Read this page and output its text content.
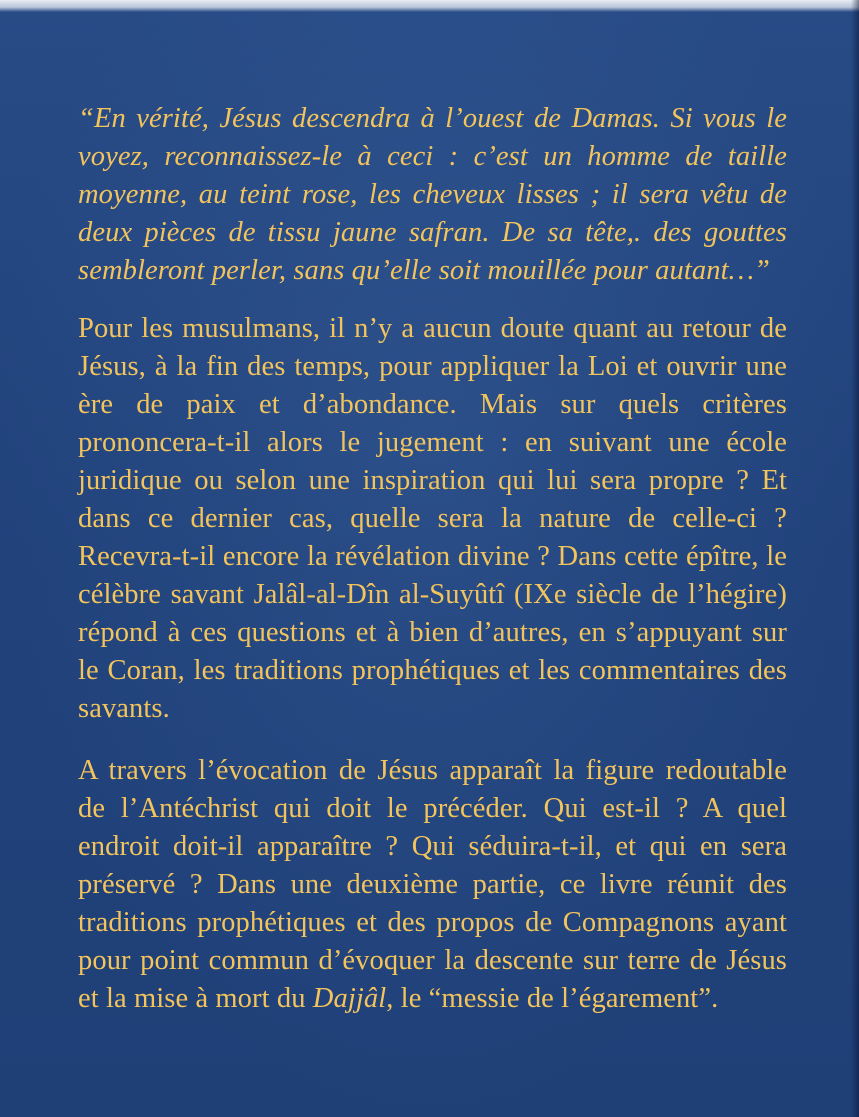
“En vérité, Jésus descendra à l’ouest de Damas. Si vous le voyez, reconnaissez-le à ceci : c’est un homme de taille moyenne, au teint rose, les cheveux lisses ; il sera vêtu de deux pièces de tissu jaune safran. De sa tête,. des gouttes sembleront perler, sans qu’elle soit mouillée pour autant…”

Pour les musulmans, il n’y a aucun doute quant au retour de Jésus, à la fin des temps, pour appliquer la Loi et ouvrir une ère de paix et d’abondance. Mais sur quels critères prononcera-t-il alors le jugement : en suivant une école juridique ou selon une inspiration qui lui sera propre ? Et dans ce dernier cas, quelle sera la nature de celle-ci ? Recevra-t-il encore la révélation divine ? Dans cette épître, le célèbre savant Jalâl-al-Dîn al-Suyûtî (IXe siècle de l’hégire) répond à ces questions et à bien d’autres, en s’appuyant sur le Coran, les traditions prophétiques et les commentaires des savants.

A travers l’évocation de Jésus apparaît la figure redoutable de l’Antéchrist qui doit le précéder. Qui est-il ? A quel endroit doit-il apparaître ? Qui séduira-t-il, et qui en sera préservé ? Dans une deuxième partie, ce livre réunit des traditions prophétiques et des propos de Compagnons ayant pour point commun d’évoquer la descente sur terre de Jésus et la mise à mort du Dajjâl, le “messie de l’égarement”.
